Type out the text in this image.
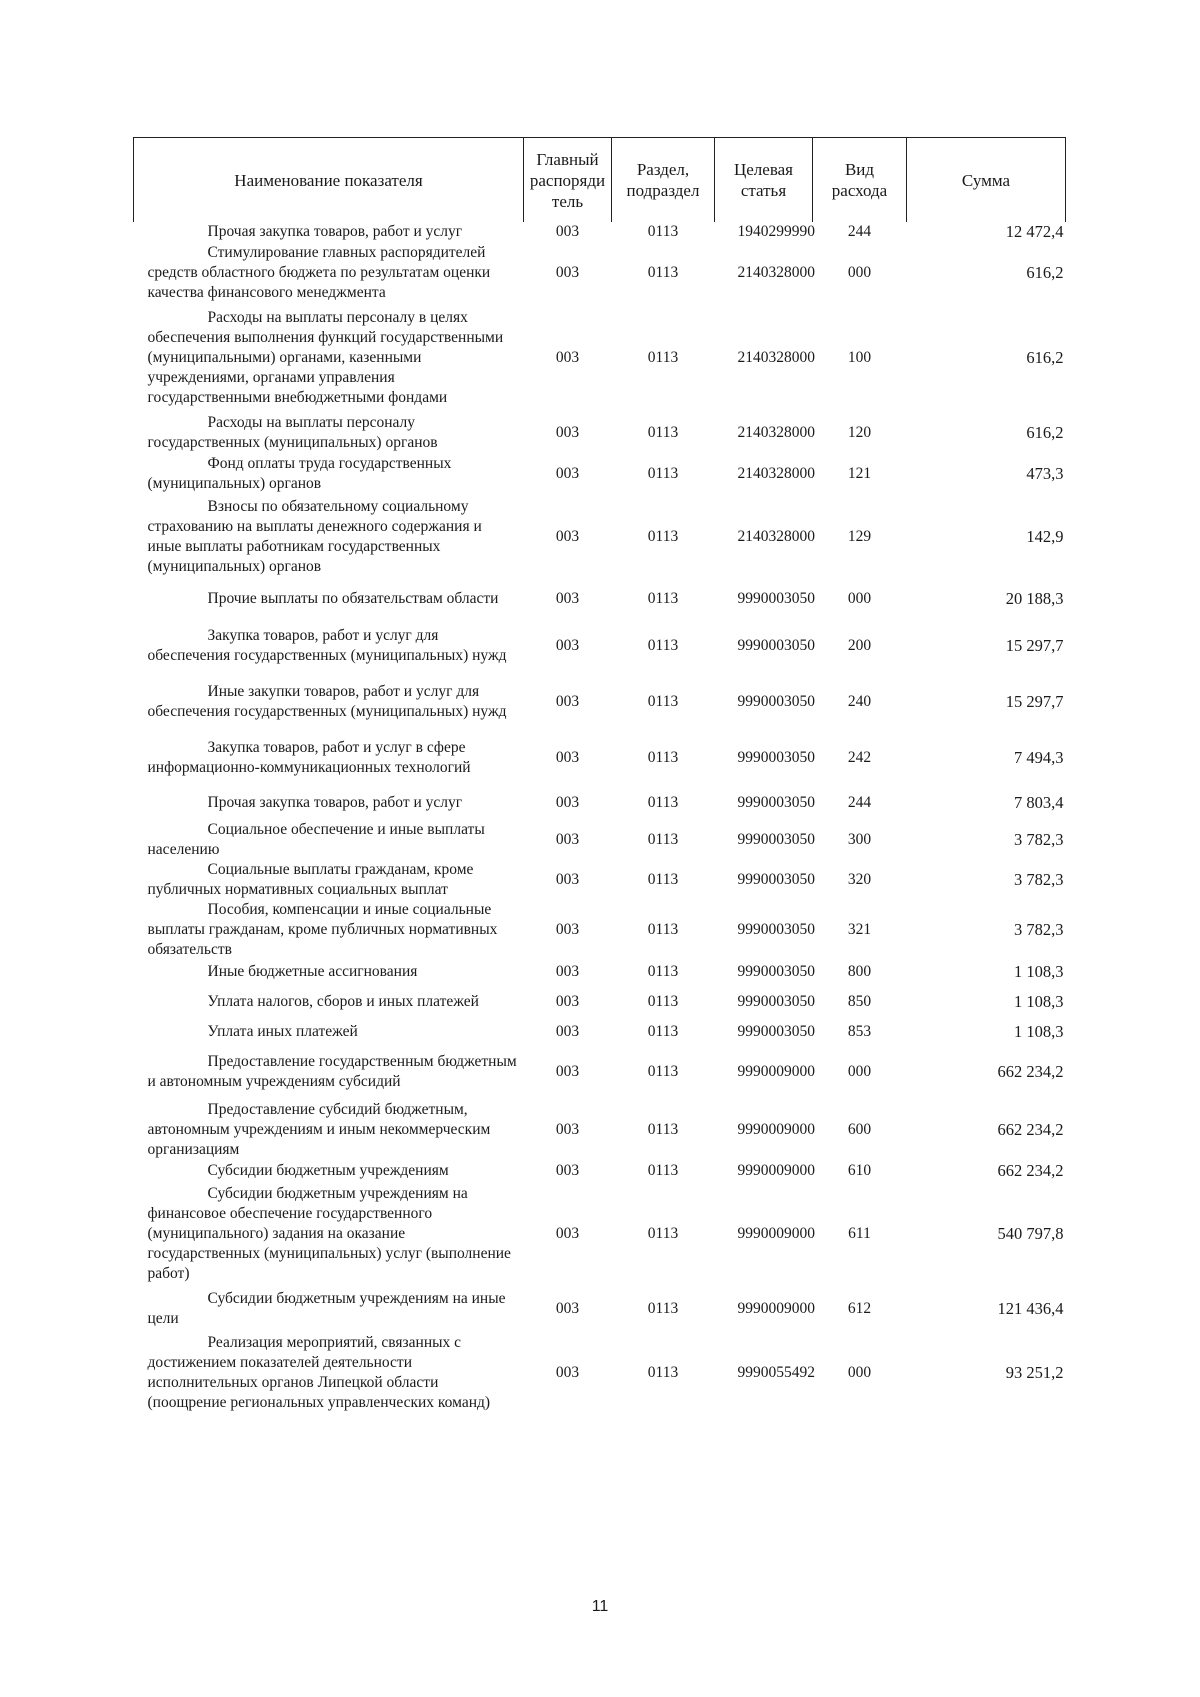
Наименование показателя	Главный распоряди тель	Раздел, подраздел	Целевая статья	Вид расхода	Сумма

Прочая закупка товаров, работ и услуг	003	0113	1940299990	244	12 472,4

Стимулирование главных распорядителей средств областного бюджета по результатам оценки качества финансового менеджмента	003	0113	2140328000	000	616,2

Расходы на выплаты персоналу в целях обеспечения выполнения функций государственными (муниципальными) органами, казенными учреждениями, органами управления государственными внебюджетными фондами	003	0113	2140328000	100	616,2

Расходы на выплаты персоналу государственных (муниципальных) органов	003	0113	2140328000	120	616,2

Фонд оплаты труда государственных (муниципальных) органов	003	0113	2140328000	121	473,3

Взносы по обязательному социальному страхованию на выплаты денежного содержания и иные выплаты работникам государственных (муниципальных) органов	003	0113	2140328000	129	142,9

Прочие выплаты по обязательствам области	003	0113	9990003050	000	20 188,3

Закупка товаров, работ и услуг для обеспечения государственных (муниципальных) нужд	003	0113	9990003050	200	15 297,7

Иные закупки товаров, работ и услуг для обеспечения государственных (муниципальных) нужд	003	0113	9990003050	240	15 297,7

Закупка товаров, работ и услуг в сфере информационно-коммуникационных технологий	003	0113	9990003050	242	7 494,3

Прочая закупка товаров, работ и услуг	003	0113	9990003050	244	7 803,4

Социальное обеспечение и иные выплаты населению	003	0113	9990003050	300	3 782,3

Социальные выплаты гражданам, кроме публичных нормативных социальных выплат	003	0113	9990003050	320	3 782,3

Пособия, компенсации и иные социальные выплаты гражданам, кроме публичных нормативных обязательств	003	0113	9990003050	321	3 782,3

Иные бюджетные ассигнования	003	0113	9990003050	800	1 108,3

Уплата налогов, сборов и иных платежей	003	0113	9990003050	850	1 108,3

Уплата иных платежей	003	0113	9990003050	853	1 108,3

Предоставление государственным бюджетным и автономным учреждениям субсидий	003	0113	9990009000	000	662 234,2

Предоставление субсидий бюджетным, автономным учреждениям и иным некоммерческим организациям	003	0113	9990009000	600	662 234,2

Субсидии бюджетным учреждениям	003	0113	9990009000	610	662 234,2

Субсидии бюджетным учреждениям на финансовое обеспечение государственного (муниципального) задания на оказание государственных (муниципальных) услуг (выполнение работ)	003	0113	9990009000	611	540 797,8

Субсидии бюджетным учреждениям на иные цели	003	0113	9990009000	612	121 436,4

Реализация мероприятий, связанных с достижением показателей деятельности исполнительных органов Липецкой области (поощрение региональных управленческих команд)	003	0113	9990055492	000	93 251,2
11
